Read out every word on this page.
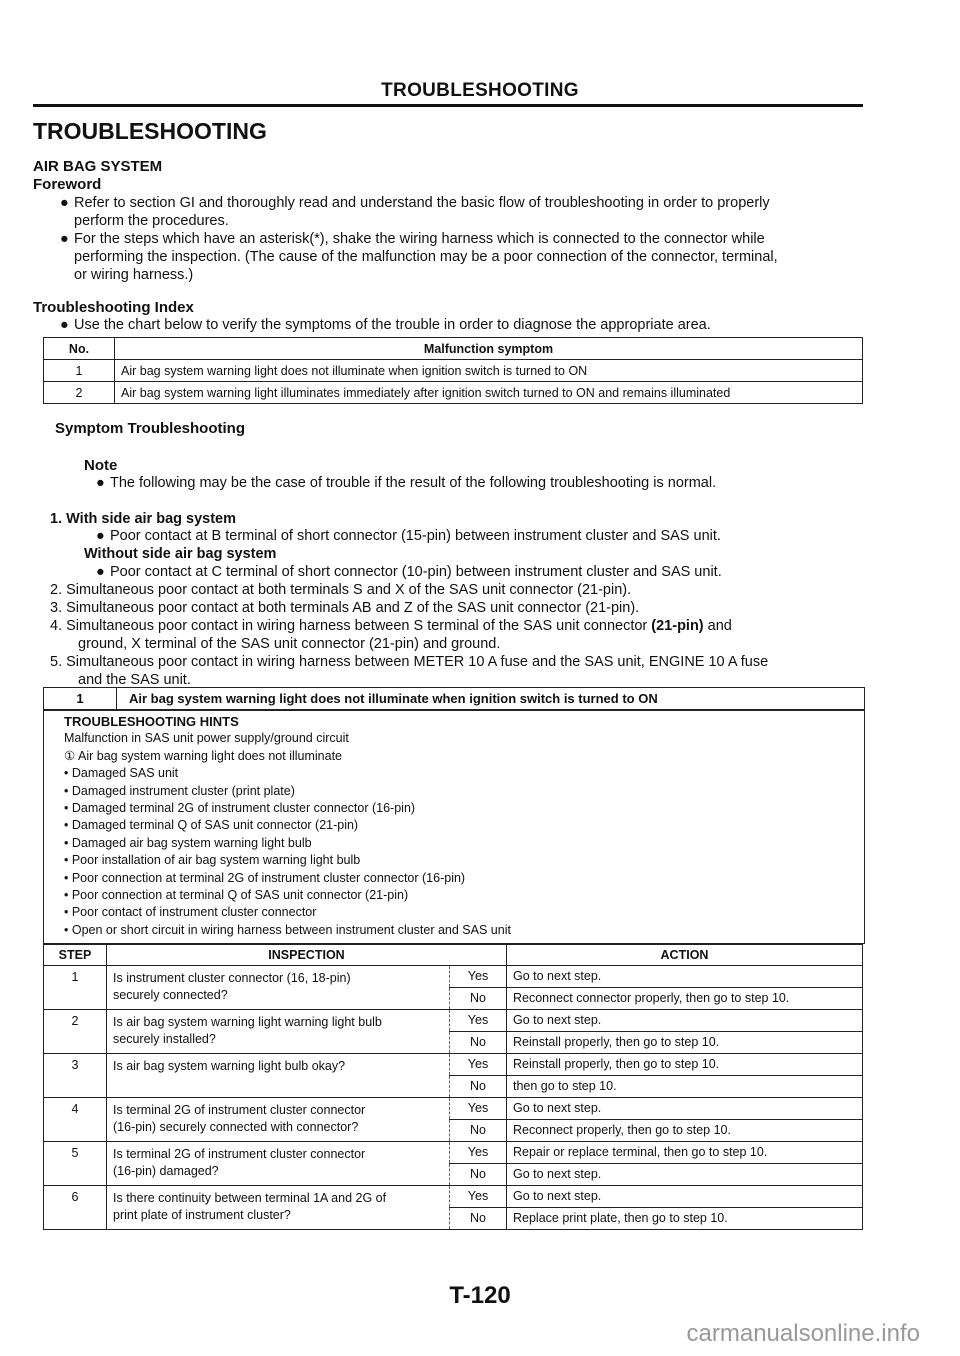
TROUBLESHOOTING
TROUBLESHOOTING
AIR BAG SYSTEM
Foreword
● Refer to section GI and thoroughly read and understand the basic flow of troubleshooting in order to properly
perform the procedures.
● For the steps which have an asterisk(*), shake the wiring harness which is connected to the connector while
performing the inspection. (The cause of the malfunction may be a poor connection of the connector, terminal,
or wiring harness.)
Troubleshooting Index
● Use the chart below to verify the symptoms of the trouble in order to diagnose the appropriate area.
No.	Malfunction symptom
1	Air bag system warning light does not illuminate when ignition switch is turned to ON
2	Air bag system warning light illuminates immediately after ignition switch turned to ON and remains illuminated
Symptom Troubleshooting
Note
● The following may be the case of trouble if the result of the following troubleshooting is normal.
1. With side air bag system
● Poor contact at B terminal of short connector (15-pin) between instrument cluster and SAS unit.
Without side air bag system
● Poor contact at C terminal of short connector (10-pin) between instrument cluster and SAS unit.
2. Simultaneous poor contact at both terminals S and X of the SAS unit connector (21-pin).
3. Simultaneous poor contact at both terminals AB and Z of the SAS unit connector (21-pin).
4. Simultaneous poor contact in wiring harness between S terminal of the SAS unit connector (21-pin) and
ground, X terminal of the SAS unit connector (21-pin) and ground.
5. Simultaneous poor contact in wiring harness between METER 10 A fuse and the SAS unit, ENGINE 10 A fuse
and the SAS unit.
1	Air bag system warning light does not illuminate when ignition switch is turned to ON
TROUBLESHOOTING HINTS
Malfunction in SAS unit power supply/ground circuit
① Air bag system warning light does not illuminate
• Damaged SAS unit
• Damaged instrument cluster (print plate)
• Damaged terminal 2G of instrument cluster connector (16-pin)
• Damaged terminal Q of SAS unit connector (21-pin)
• Damaged air bag system warning light bulb
• Poor installation of air bag system warning light bulb
• Poor connection at terminal 2G of instrument cluster connector (16-pin)
• Poor connection at terminal Q of SAS unit connector (21-pin)
• Poor contact of instrument cluster connector
• Open or short circuit in wiring harness between instrument cluster and SAS unit
STEP	INSPECTION		ACTION
1	Is instrument cluster connector (16, 18-pin)
securely connected?	Yes	Go to next step.
		No	Reconnect connector properly, then go to step 10.
2	Is air bag system warning light warning light bulb
securely installed?	Yes	Go to next step.
		No	Reinstall properly, then go to step 10.
3	Is air bag system warning light bulb okay?	Yes	Reinstall properly, then go to step 10.
		No	then go to step 10.
4	Is terminal 2G of instrument cluster connector
(16-pin) securely connected with connector?	Yes	Go to next step.
		No	Reconnect properly, then go to step 10.
5	Is terminal 2G of instrument cluster connector
(16-pin) damaged?	Yes	Repair or replace terminal, then go to step 10.
		No	Go to next step.
6	Is there continuity between terminal 1A and 2G of
print plate of instrument cluster?	Yes	Go to next step.
		No	Replace print plate, then go to step 10.
T-120
carmanualsonline.info
